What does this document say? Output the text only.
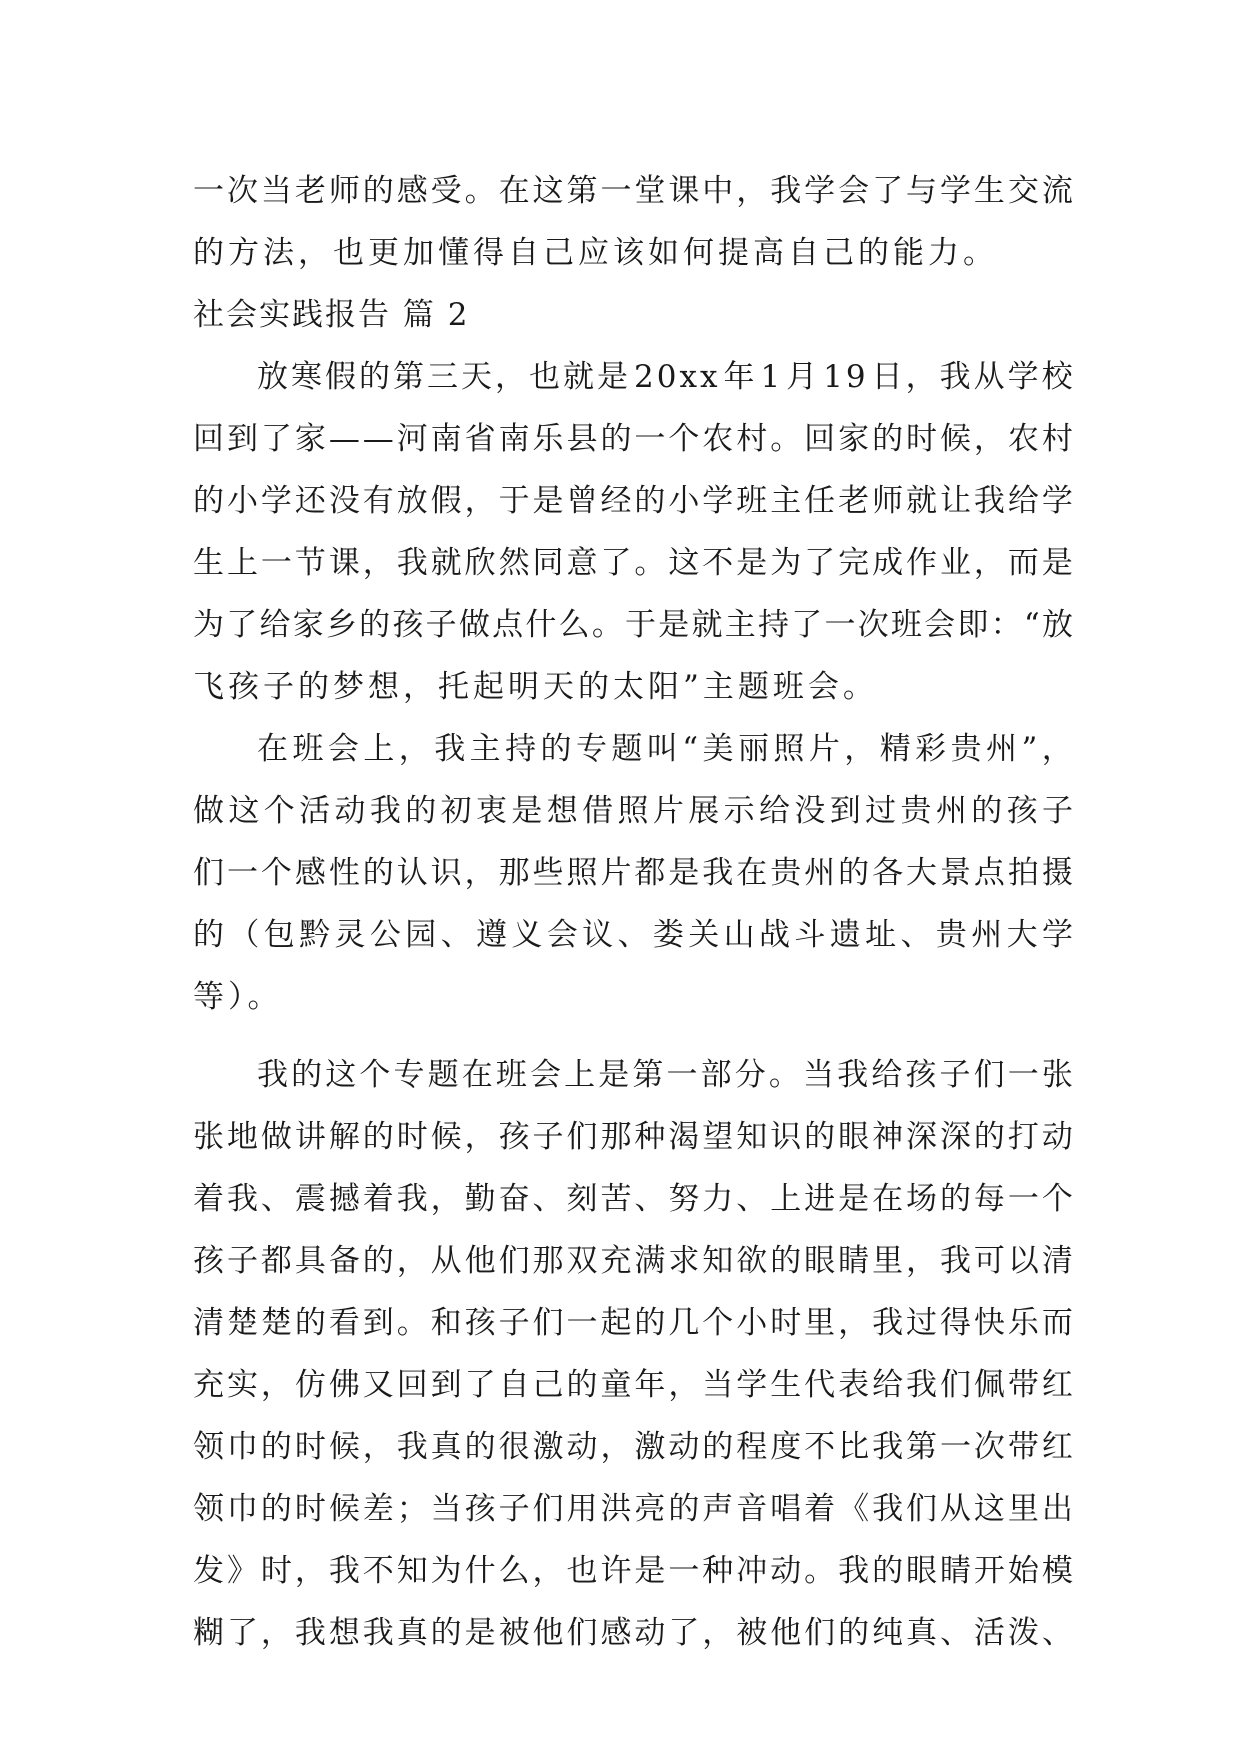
一 次 当 老 师 的 感 受 。 在 这 第 一 堂 课 中 ， 我 学 会 了 与 学 生 交 流
的方法，也更加懂得自己应该如何提高自己的能力。
社会实践报告 篇 2
放 寒 假 的 第 三 天 ， 也 就 是 2 0 x x 年 1 月 1 9 日 ， 我 从 学 校
回 到 了 家 — — 河 南 省 南 乐 县 的 一 个 农 村 。 回 家 的 时 候 ， 农 村
的 小 学 还 没 有 放 假 ， 于 是 曾 经 的 小 学 班 主 任 老 师 就 让 我 给 学
生 上 一 节 课 ， 我 就 欣 然 同 意 了 。 这 不 是 为 了 完 成 作 业 ， 而 是
为 了 给 家 乡 的 孩 子 做 点 什 么 。 于 是 就 主 持 了 一 次 班 会 即 ： “ 放
飞孩子的梦想，托起明天的太阳”主题班会。
在 班 会 上 ， 我 主 持 的 专 题 叫 “ 美 丽 照 片 ， 精 彩 贵 州 ” ，
做 这 个 活 动 我 的 初 衷 是 想 借 照 片 展 示 给 没 到 过 贵 州 的 孩 子
们 一 个 感 性 的 认 识 ， 那 些 照 片 都 是 我 在 贵 州 的 各 大 景 点 拍 摄
的 （ 包 黔 灵 公 园 、 遵 义 会 议 、 娄 关 山 战 斗 遗 址 、 贵 州 大 学
等）。
我 的 这 个 专 题 在 班 会 上 是 第 一 部 分 。 当 我 给 孩 子 们 一 张
张 地 做 讲 解 的 时 候 ， 孩 子 们 那 种 渴 望 知 识 的 眼 神 深 深 的 打 动
着 我 、 震 撼 着 我 ， 勤 奋 、 刻 苦 、 努 力 、 上 进 是 在 场 的 每 一 个
孩 子 都 具 备 的 ， 从 他 们 那 双 充 满 求 知 欲 的 眼 睛 里 ， 我 可 以 清
清 楚 楚 的 看 到 。 和 孩 子 们 一 起 的 几 个 小 时 里 ， 我 过 得 快 乐 而
充 实 ， 仿 佛 又 回 到 了 自 己 的 童 年 ， 当 学 生 代 表 给 我 们 佩 带 红
领 巾 的 时 候 ， 我 真 的 很 激 动 ， 激 动 的 程 度 不 比 我 第 一 次 带 红
领 巾 的 时 候 差 ； 当 孩 子 们 用 洪 亮 的 声 音 唱 着 《 我 们 从 这 里 出
发 》 时 ， 我 不 知 为 什 么 ， 也 许 是 一 种 冲 动 。 我 的 眼 睛 开 始 模
糊 了 ， 我 想 我 真 的 是 被 他 们 感 动 了 ， 被 他 们 的 纯 真 、 活 泼 、
